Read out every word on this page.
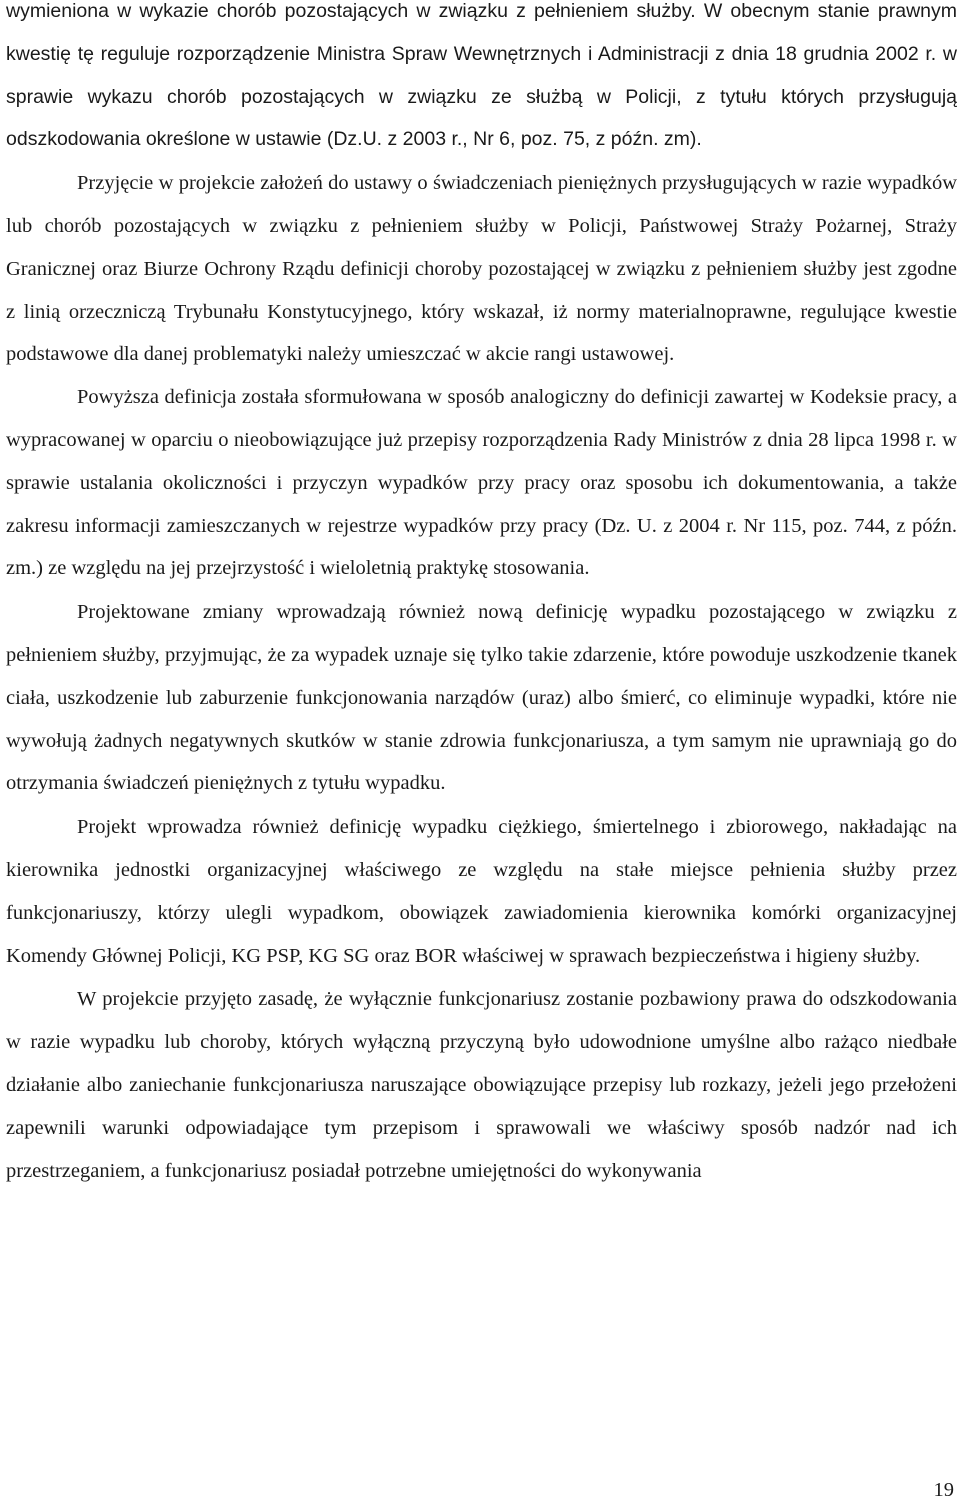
wymieniona w wykazie chorób pozostających w związku z pełnieniem służby. W obecnym stanie prawnym kwestię tę reguluje rozporządzenie Ministra Spraw Wewnętrznych i Administracji z dnia 18 grudnia 2002 r. w sprawie wykazu chorób pozostających w związku ze służbą w Policji, z tytułu których przysługują odszkodowania określone w ustawie (Dz.U. z 2003 r., Nr 6, poz. 75, z późn. zm).

Przyjęcie w projekcie założeń do ustawy o świadczeniach pieniężnych przysługujących w razie wypadków lub chorób pozostających w związku z pełnieniem służby w Policji, Państwowej Straży Pożarnej, Straży Granicznej oraz Biurze Ochrony Rządu definicji choroby pozostającej w związku z pełnieniem służby jest zgodne z linią orzeczniczą Trybunału Konstytucyjnego, który wskazał, iż normy materialnoprawne, regulujące kwestie podstawowe dla danej problematyki należy umieszczać w akcie rangi ustawowej.

Powyższa definicja została sformułowana w sposób analogiczny do definicji zawartej w Kodeksie pracy, a wypracowanej w oparciu o nieobowiązujące już przepisy rozporządzenia Rady Ministrów z dnia 28 lipca 1998 r. w sprawie ustalania okoliczności i przyczyn wypadków przy pracy oraz sposobu ich dokumentowania, a także zakresu informacji zamieszczanych w rejestrze wypadków przy pracy (Dz. U. z 2004 r. Nr 115, poz. 744, z późn. zm.) ze względu na jej przejrzystość i wieloletnią praktykę stosowania.

Projektowane zmiany wprowadzają również nową definicję wypadku pozostającego w związku z pełnieniem służby, przyjmując, że za wypadek uznaje się tylko takie zdarzenie, które powoduje uszkodzenie tkanek ciała, uszkodzenie lub zaburzenie funkcjonowania narządów (uraz) albo śmierć, co eliminuje wypadki, które nie wywołują żadnych negatywnych skutków w stanie zdrowia funkcjonariusza, a tym samym nie uprawniają go do otrzymania świadczeń pieniężnych z tytułu wypadku.

Projekt wprowadza również definicję wypadku ciężkiego, śmiertelnego i zbiorowego, nakładając na kierownika jednostki organizacyjnej właściwego ze względu na stałe miejsce pełnienia służby przez funkcjonariuszy, którzy ulegli wypadkom, obowiązek zawiadomienia kierownika komórki organizacyjnej Komendy Głównej Policji, KG PSP, KG SG oraz BOR właściwej w sprawach bezpieczeństwa i higieny służby.

W projekcie przyjęto zasadę, że wyłącznie funkcjonariusz zostanie pozbawiony prawa do odszkodowania w razie wypadku lub choroby, których wyłączną przyczyną było udowodnione umyślne albo rażąco niedbałe działanie albo zaniechanie funkcjonariusza naruszające obowiązujące przepisy lub rozkazy, jeżeli jego przełożeni zapewnili warunki odpowiadające tym przepisom i sprawowali we właściwy sposób nadzór nad ich przestrzeganiem, a funkcjonariusz posiadał potrzebne umiejętności do wykonywania

19
